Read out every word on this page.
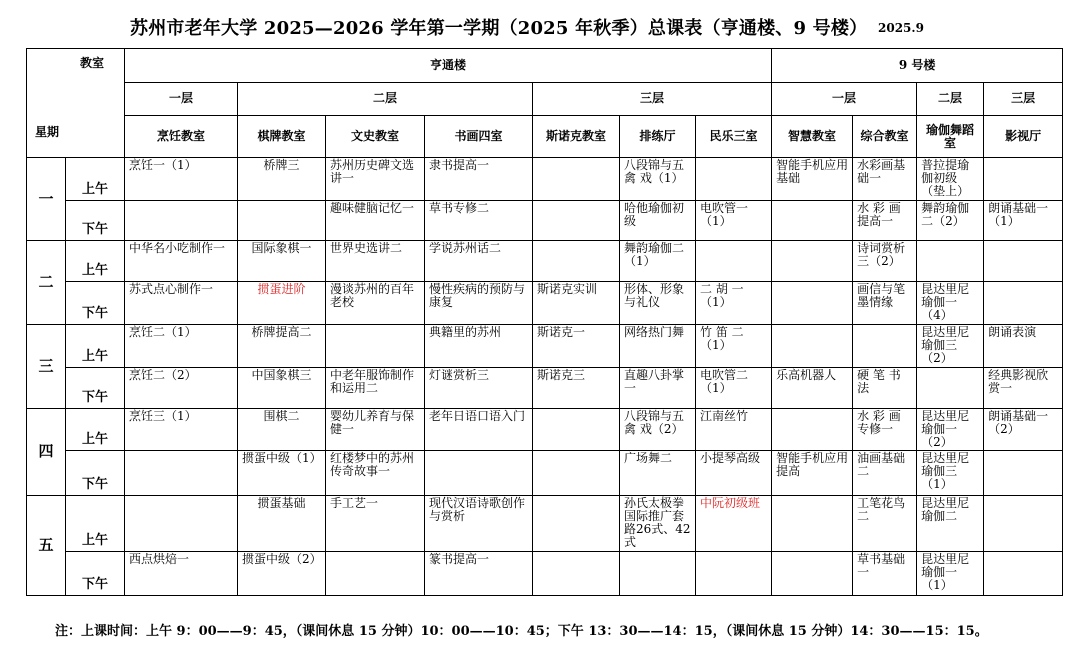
苏州市老年大学 2025—2026 学年第一学期（2025 年秋季）总课表（亨通楼、9 号楼） 2025.9
教室
星期		亨通楼							9 号楼			
		一层	二层			三层			一层		二层	三层
		烹饪教室	棋牌教室	文史教室	书画四室	斯诺克教室	排练厅	民乐三室	智慧教室	综合教室	瑜伽舞蹈室	影视厅
一	上午	烹饪一（1）	桥牌三	苏州历史碑文选讲一	隶书提高一		八段锦与五 禽 戏（1）		智能手机应用基础	水彩画基础一	普拉提瑜伽初级（垫上）	
	下午			趣味健脑记忆一	草书专修二		哈他瑜伽初级	电吹管一（1）		水 彩 画提高一	舞韵瑜伽二（2）	朗诵基础一（1）
二	上午	中华名小吃制作一	国际象棋一	世界史选讲二	学说苏州话二		舞韵瑜伽二（1）			诗词赏析三（2）		
	下午	苏式点心制作一	掼蛋进阶	漫谈苏州的百年老校	慢性疾病的预防与康复	斯诺克实训	形体、形象与礼仪	二 胡 一（1）		画信与笔墨情缘	昆达里尼瑜伽一（4）	
三	上午	烹饪二（1）	桥牌提高二		典籍里的苏州	斯诺克一	网络热门舞	竹 笛 二（1）			昆达里尼瑜伽三（2）	朗诵表演
	下午	烹饪二（2）	中国象棋三	中老年服饰制作和运用二	灯谜赏析三	斯诺克三	直趣八卦掌一	电吹管二（1）	乐高机器人	硬 笔 书法		经典影视欣赏一
四	上午	烹饪三（1）	围棋二	婴幼儿养育与保健一	老年日语口语入门		八段锦与五 禽 戏（2）	江南丝竹		水 彩 画专修一	昆达里尼瑜伽一（2）	朗诵基础一（2）
	下午		掼蛋中级（1）	红楼梦中的苏州传奇故事一			广场舞二	小提琴高级	智能手机应用提高	油画基础二	昆达里尼瑜伽三（1）	
五	上午		掼蛋基础	手工艺一	现代汉语诗歌创作与赏析		孙氏太极拳国际推广套路26式、42式	中阮初级班		工笔花鸟二	昆达里尼瑜伽二	
	下午	西点烘焙一	掼蛋中级（2）		篆书提高一					草书基础一	昆达里尼瑜伽一（1）	
注：上课时间：上午 9：00——9：45，（课间休息 15 分钟）10：00——10：45；下午 13：30——14：15，（课间休息 15 分钟）14：30——15：15。
